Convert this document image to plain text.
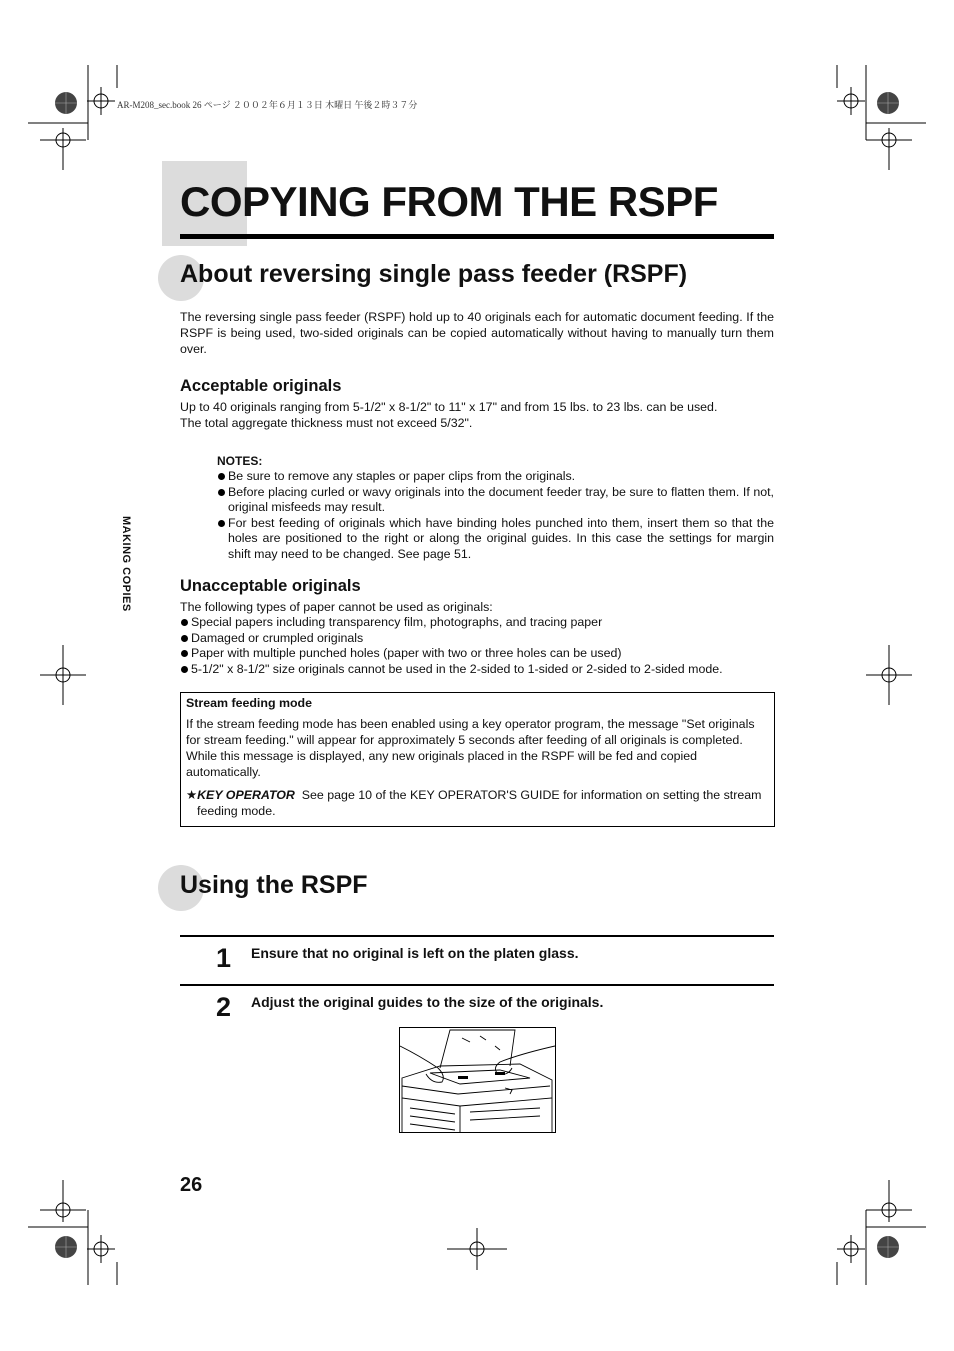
AR-M208_sec.book 26 ページ ２００２年６月１３日 木曜日 午後２時３７分
COPYING FROM THE RSPF
MAKING COPIES
About reversing single pass feeder (RSPF)

The reversing single pass feeder (RSPF) hold up to 40 originals each for automatic document feeding. If the RSPF is being used, two-sided originals can be copied automatically without having to manually turn them over.

Acceptable originals

Up to 40 originals ranging from 5-1/2" x 8-1/2" to 11" x 17" and from 15 lbs. to 23 lbs. can be used.

The total aggregate thickness must not exceed 5/32".

NOTES:

Be sure to remove any staples or paper clips from the originals.
Before placing curled or wavy originals into the document feeder tray, be sure to flatten them. If not, original misfeeds may result.
For best feeding of originals which have binding holes punched into them, insert them so that the holes are positioned to the right or along the original guides. In this case the settings for margin shift may need to be changed. See page 51.
Unacceptable originals

The following types of paper cannot be used as originals:

Special papers including transparency film, photographs, and tracing paper
Damaged or crumpled originals
Paper with multiple punched holes (paper with two or three holes can be used)
5-1/2" x 8-1/2" size originals cannot be used in the 2-sided to 1-sided or 2-sided to 2-sided mode.

Stream feeding mode

If the stream feeding mode has been enabled using a key operator program, the message "Set originals for stream feeding." will appear for approximately 5 seconds after feeding of all originals is completed. While this message is displayed, any new originals placed in the RSPF will be fed and copied automatically.

★KEY OPERATOR See page 10 of the KEY OPERATOR'S GUIDE for information on setting the stream feeding mode.
Using the RSPF
1 Ensure that no original is left on the platen glass.
2 Adjust the original guides to the size of the originals.
26
